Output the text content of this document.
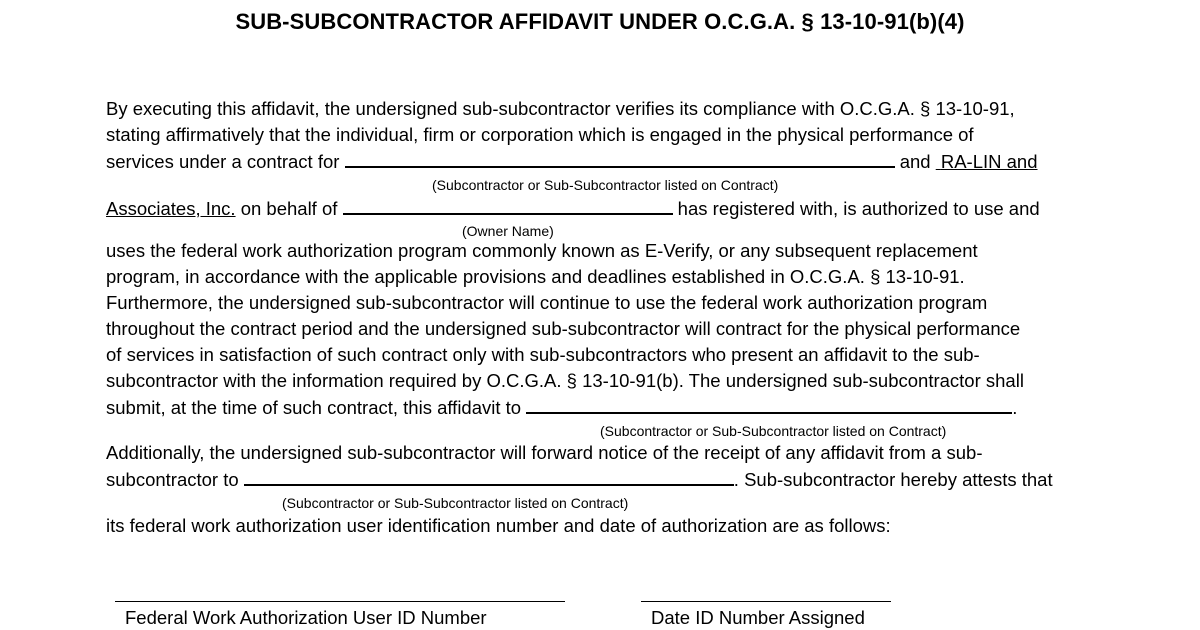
SUB-SUBCONTRACTOR AFFIDAVIT UNDER O.C.G.A. § 13-10-91(b)(4)
By executing this affidavit, the undersigned sub-subcontractor verifies its compliance with O.C.G.A. § 13-10-91,
stating affirmatively that the individual, firm or corporation which is engaged in the physical performance of
services under a contract for	and  RA-LIN and
(Subcontractor or Sub-Subcontractor listed on Contract)
Associates, Inc. on behalf of	has registered with, is authorized to use and
(Owner Name)
uses the federal work authorization program commonly known as E-Verify, or any subsequent replacement
program, in accordance with the applicable provisions and deadlines established in O.C.G.A. § 13-10-91.
Furthermore, the undersigned sub-subcontractor will continue to use the federal work authorization program
throughout the contract period and the undersigned sub-subcontractor will contract for the physical performance
of services in satisfaction of such contract only with sub-subcontractors who present an affidavit to the sub-
subcontractor with the information required by O.C.G.A. § 13-10-91(b). The undersigned sub-subcontractor shall
submit, at the time of such contract, this affidavit to	.
(Subcontractor or Sub-Subcontractor listed on Contract)
Additionally, the undersigned sub-subcontractor will forward notice of the receipt of any affidavit from a sub-
subcontractor to	. Sub-subcontractor hereby attests that
(Subcontractor or Sub-Subcontractor listed on Contract)
its federal work authorization user identification number and date of authorization are as follows:
Federal Work Authorization User ID Number	Date ID Number Assigned
